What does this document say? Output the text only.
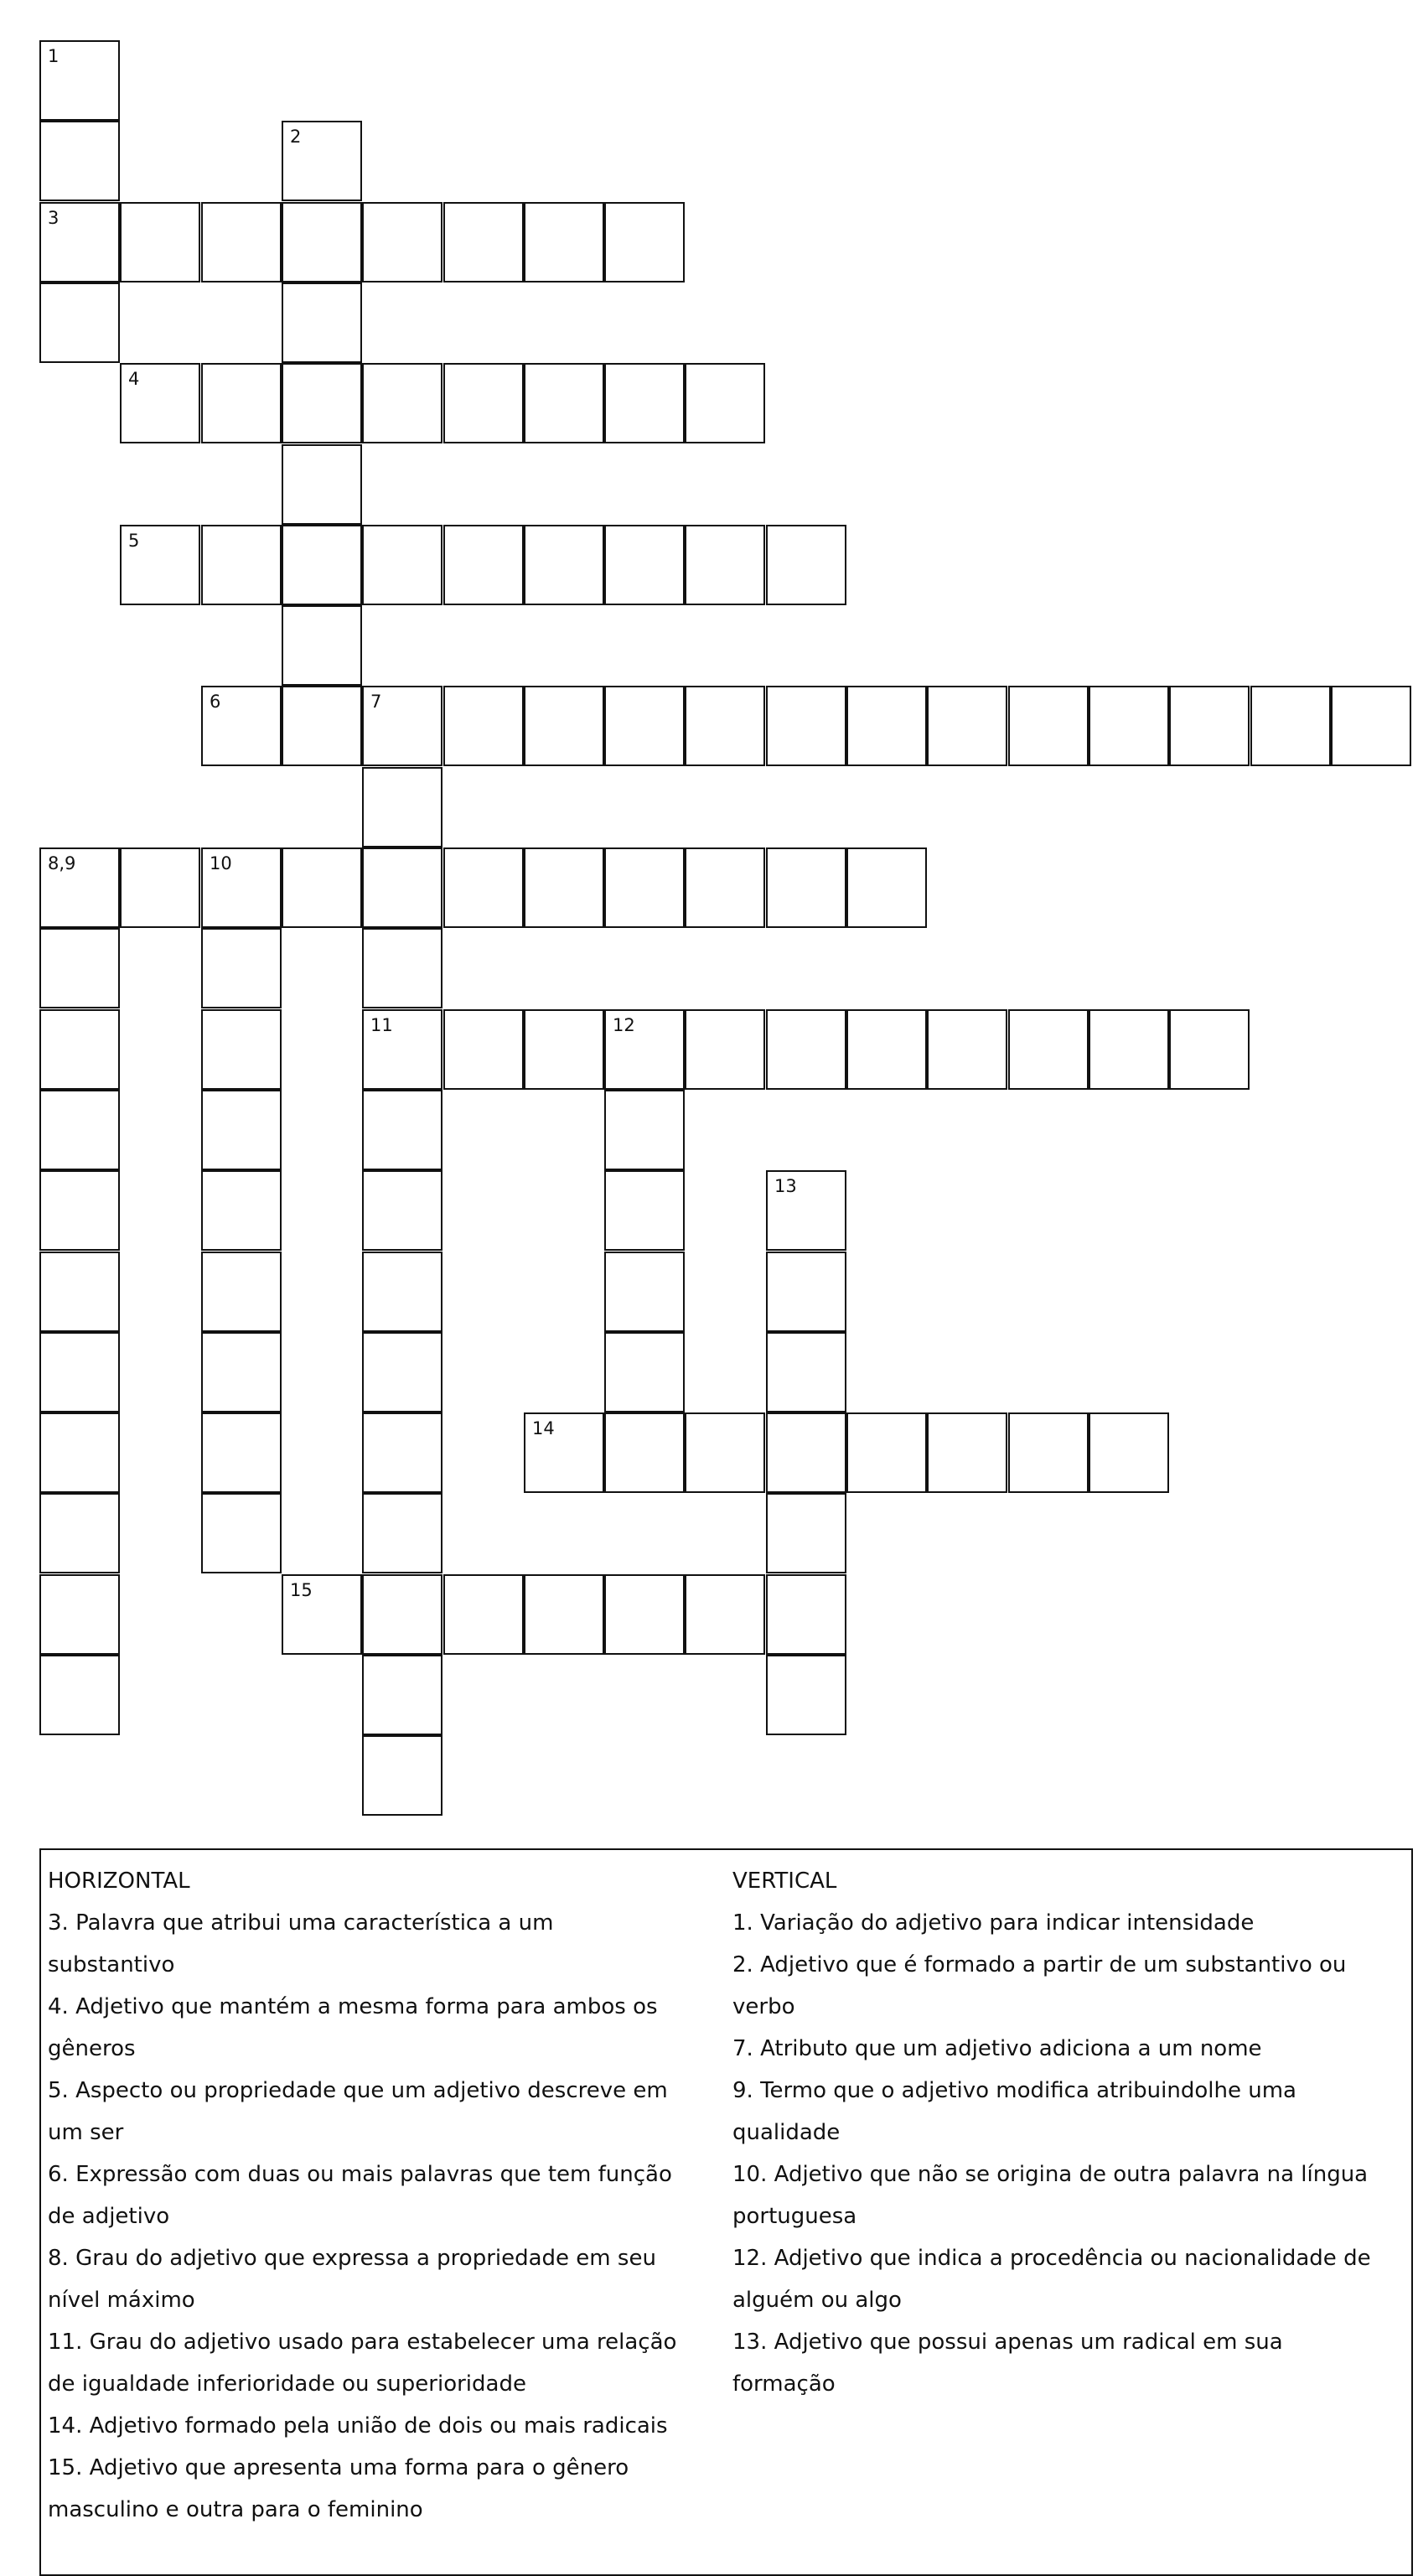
1
2
3
4
5
6	7
8,9	10
11	12
13
14
15
HORIZONTAL
3. Palavra que atribui uma característica a um
substantivo
4. Adjetivo que mantém a mesma forma para ambos os
gêneros
5. Aspecto ou propriedade que um adjetivo descreve em
um ser
6. Expressão com duas ou mais palavras que tem função
de adjetivo
8. Grau do adjetivo que expressa a propriedade em seu
nível máximo
11. Grau do adjetivo usado para estabelecer uma relação
de igualdade inferioridade ou superioridade
14. Adjetivo formado pela união de dois ou mais radicais
15. Adjetivo que apresenta uma forma para o gênero
masculino e outra para o feminino
VERTICAL
1. Variação do adjetivo para indicar intensidade
2. Adjetivo que é formado a partir de um substantivo ou
verbo
7. Atributo que um adjetivo adiciona a um nome
9. Termo que o adjetivo modifica atribuindolhe uma
qualidade
10. Adjetivo que não se origina de outra palavra na língua
portuguesa
12. Adjetivo que indica a procedência ou nacionalidade de
alguém ou algo
13. Adjetivo que possui apenas um radical em sua
formação
